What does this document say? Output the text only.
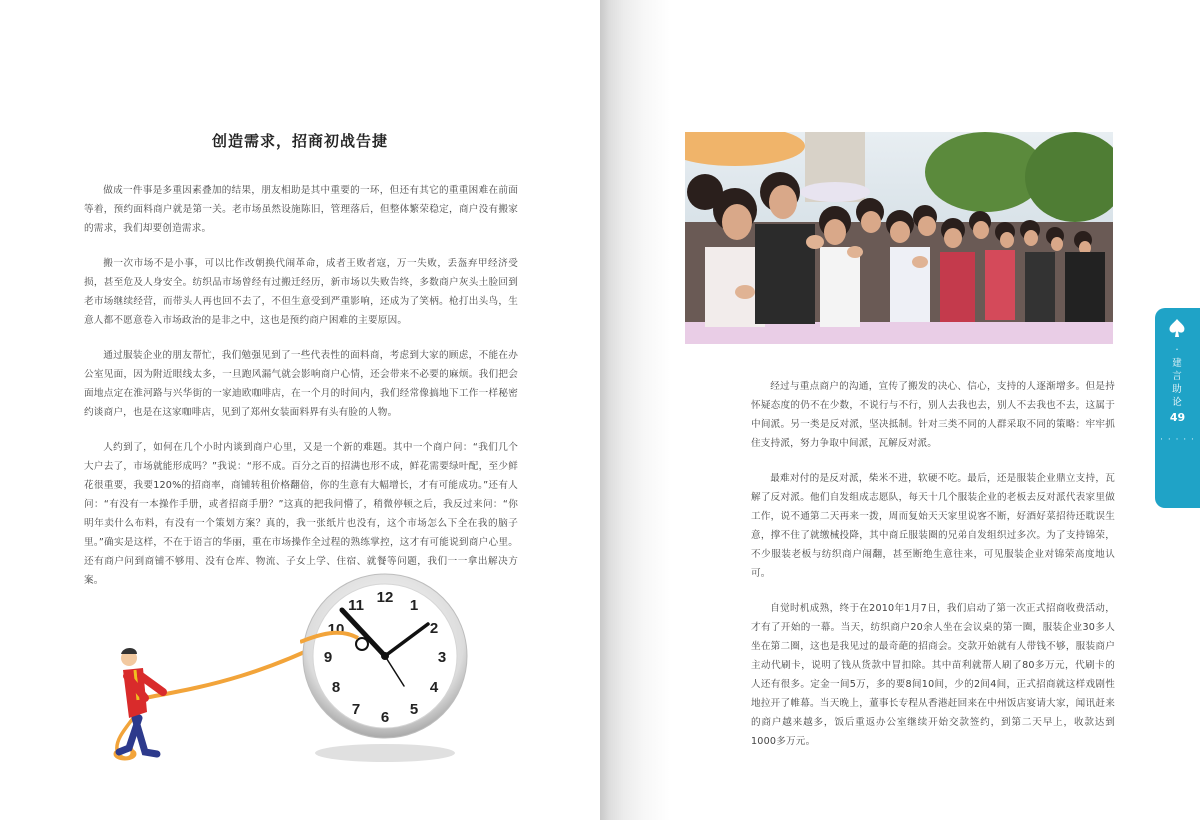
创造需求，招商初战告捷

做成一件事是多重因素叠加的结果，朋友相助是其中重要的一环，但还有其它的重重困难在前面等着，预约面料商户就是第一关。老市场虽然设施陈旧，管理落后，但整体繁荣稳定，商户没有搬家的需求，我们却要创造需求。

搬一次市场不是小事，可以比作改朝换代闹革命，成者王败者寇，万一失败，丢盔弃甲经济受损，甚至危及人身安全。纺织品市场曾经有过搬迁经历，新市场以失败告终，多数商户灰头土脸回到老市场继续经营，而带头人再也回不去了，不但生意受到严重影响，还成为了笑柄。枪打出头鸟，生意人都不愿意卷入市场政治的是非之中，这也是预约商户困难的主要原因。

通过服装企业的朋友帮忙，我们勉强见到了一些代表性的面料商，考虑到大家的顾虑，不能在办公室见面，因为附近眼线太多，一旦跑风漏气就会影响商户心情，还会带来不必要的麻烦。我们把会面地点定在淮河路与兴华街的一家迪欧咖啡店，在一个月的时间内，我们经常像搞地下工作一样秘密约谈商户，也是在这家咖啡店，见到了郑州女装面料界有头有脸的人物。

人约到了，如何在几个小时内谈到商户心里，又是一个新的难题。其中一个商户问：“我们几个大户去了，市场就能形成吗？”我说：“形不成。百分之百的招满也形不成，鲜花需要绿叶配，至少鲜花很重要，我要120%的招商率，商铺转租价格翻倍，你的生意有大幅增长，才有可能成功。”还有人问：“有没有一本操作手册，或者招商手册？”这真的把我问懵了，稍微停顿之后，我反过来问：“你明年卖什么布料，有没有一个策划方案？真的，我一张纸片也没有，这个市场怎么下全在我的脑子里。”确实是这样，不在于语言的华丽，重在市场操作全过程的熟练掌控，这才有可能说到商户心里。还有商户问到商铺不够用、没有仓库、物流、子女上学、住宿、就餐等问题，我们一一拿出解决方案。

12 1
2
3
4
5
6
7
8
9
10
11

经过与重点商户的沟通，宣传了搬发的决心、信心，支持的人逐渐增多。但是持怀疑态度的仍不在少数，不说行与不行，别人去我也去，别人不去我也不去，这属于中间派。另一类是反对派，坚决抵制。针对三类不同的人群采取不同的策略：牢牢抓住支持派，努力争取中间派，瓦解反对派。

最难对付的是反对派，柴米不进，软硬不吃。最后，还是服装企业鼎立支持，瓦解了反对派。他们自发组成志愿队，每天十几个服装企业的老板去反对派代表家里做工作，说不通第二天再来一拨，周而复始天天家里说客不断，好酒好菜招待还耽误生意，撑不住了就缴械投降，其中商丘服装圈的兄弟自发组织过多次。为了支持锦荣，不少服装老板与纺织商户闹翻，甚至断绝生意往来，可见服装企业对锦荣高度地认可。

自觉时机成熟，终于在2010年1月7日，我们启动了第一次正式招商收费活动，才有了开始的一幕。当天，纺织商户20余人坐在会议桌的第一圈，服装企业30多人坐在第二圈，这也是我见过的最奇葩的招商会。交款开始就有人带钱不够，服装商户主动代刷卡，说明了钱从货款中冒扣除。其中苗利就帮人刷了80多万元，代刷卡的人还有很多。定金一间5万，多的要8间10间，少的2间4间，正式招商就这样戏剧性地拉开了帷幕。当天晚上，董事长专程从香港赶回来在中州饭店宴请大家，闻讯赶来的商户越来越多，饭后重返办公室继续开始交款签约，到第二天早上，收款达到1000多万元。

·
建
言
助
论
49
· · · · ·
